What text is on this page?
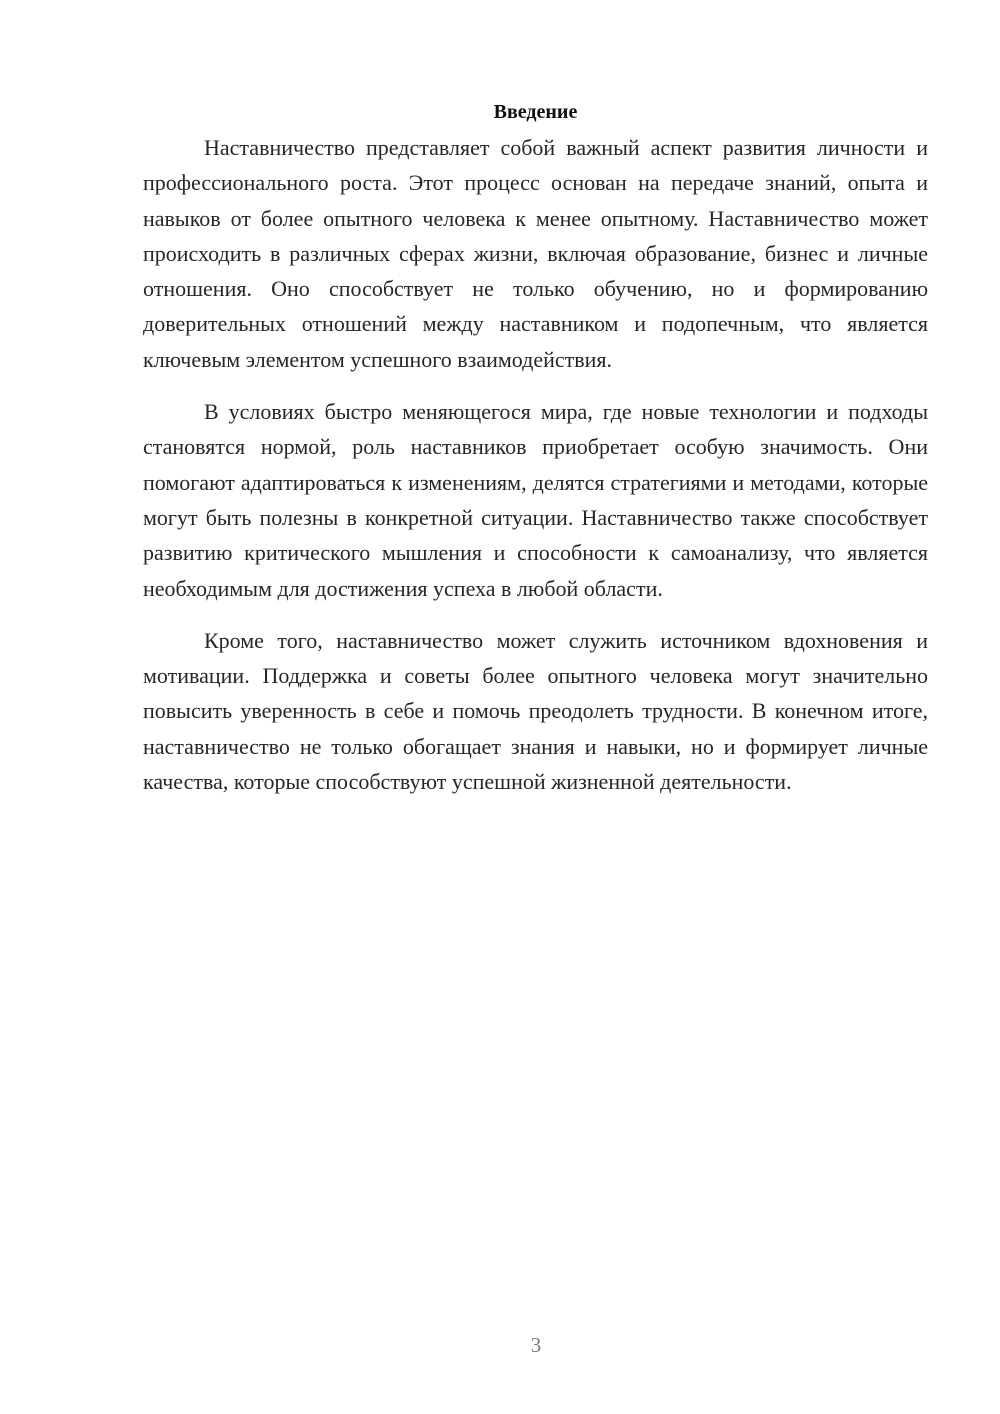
Введение

Наставничество представляет собой важный аспект развития личности и профессионального роста. Этот процесс основан на передаче знаний, опыта и навыков от более опытного человека к менее опытному. Наставничество может происходить в различных сферах жизни, включая образование, бизнес и личные отношения. Оно способствует не только обучению, но и формированию доверительных отношений между наставником и подопечным, что является ключевым элементом успешного взаимодействия.

В условиях быстро меняющегося мира, где новые технологии и подходы становятся нормой, роль наставников приобретает особую значимость. Они помогают адаптироваться к изменениям, делятся стратегиями и методами, которые могут быть полезны в конкретной ситуации. Наставничество также способствует развитию критического мышления и способности к самоанализу, что является необходимым для достижения успеха в любой области.

Кроме того, наставничество может служить источником вдохновения и мотивации. Поддержка и советы более опытного человека могут значительно повысить уверенность в себе и помочь преодолеть трудности. В конечном итоге, наставничество не только обогащает знания и навыки, но и формирует личные качества, которые способствуют успешной жизненной деятельности.

3
